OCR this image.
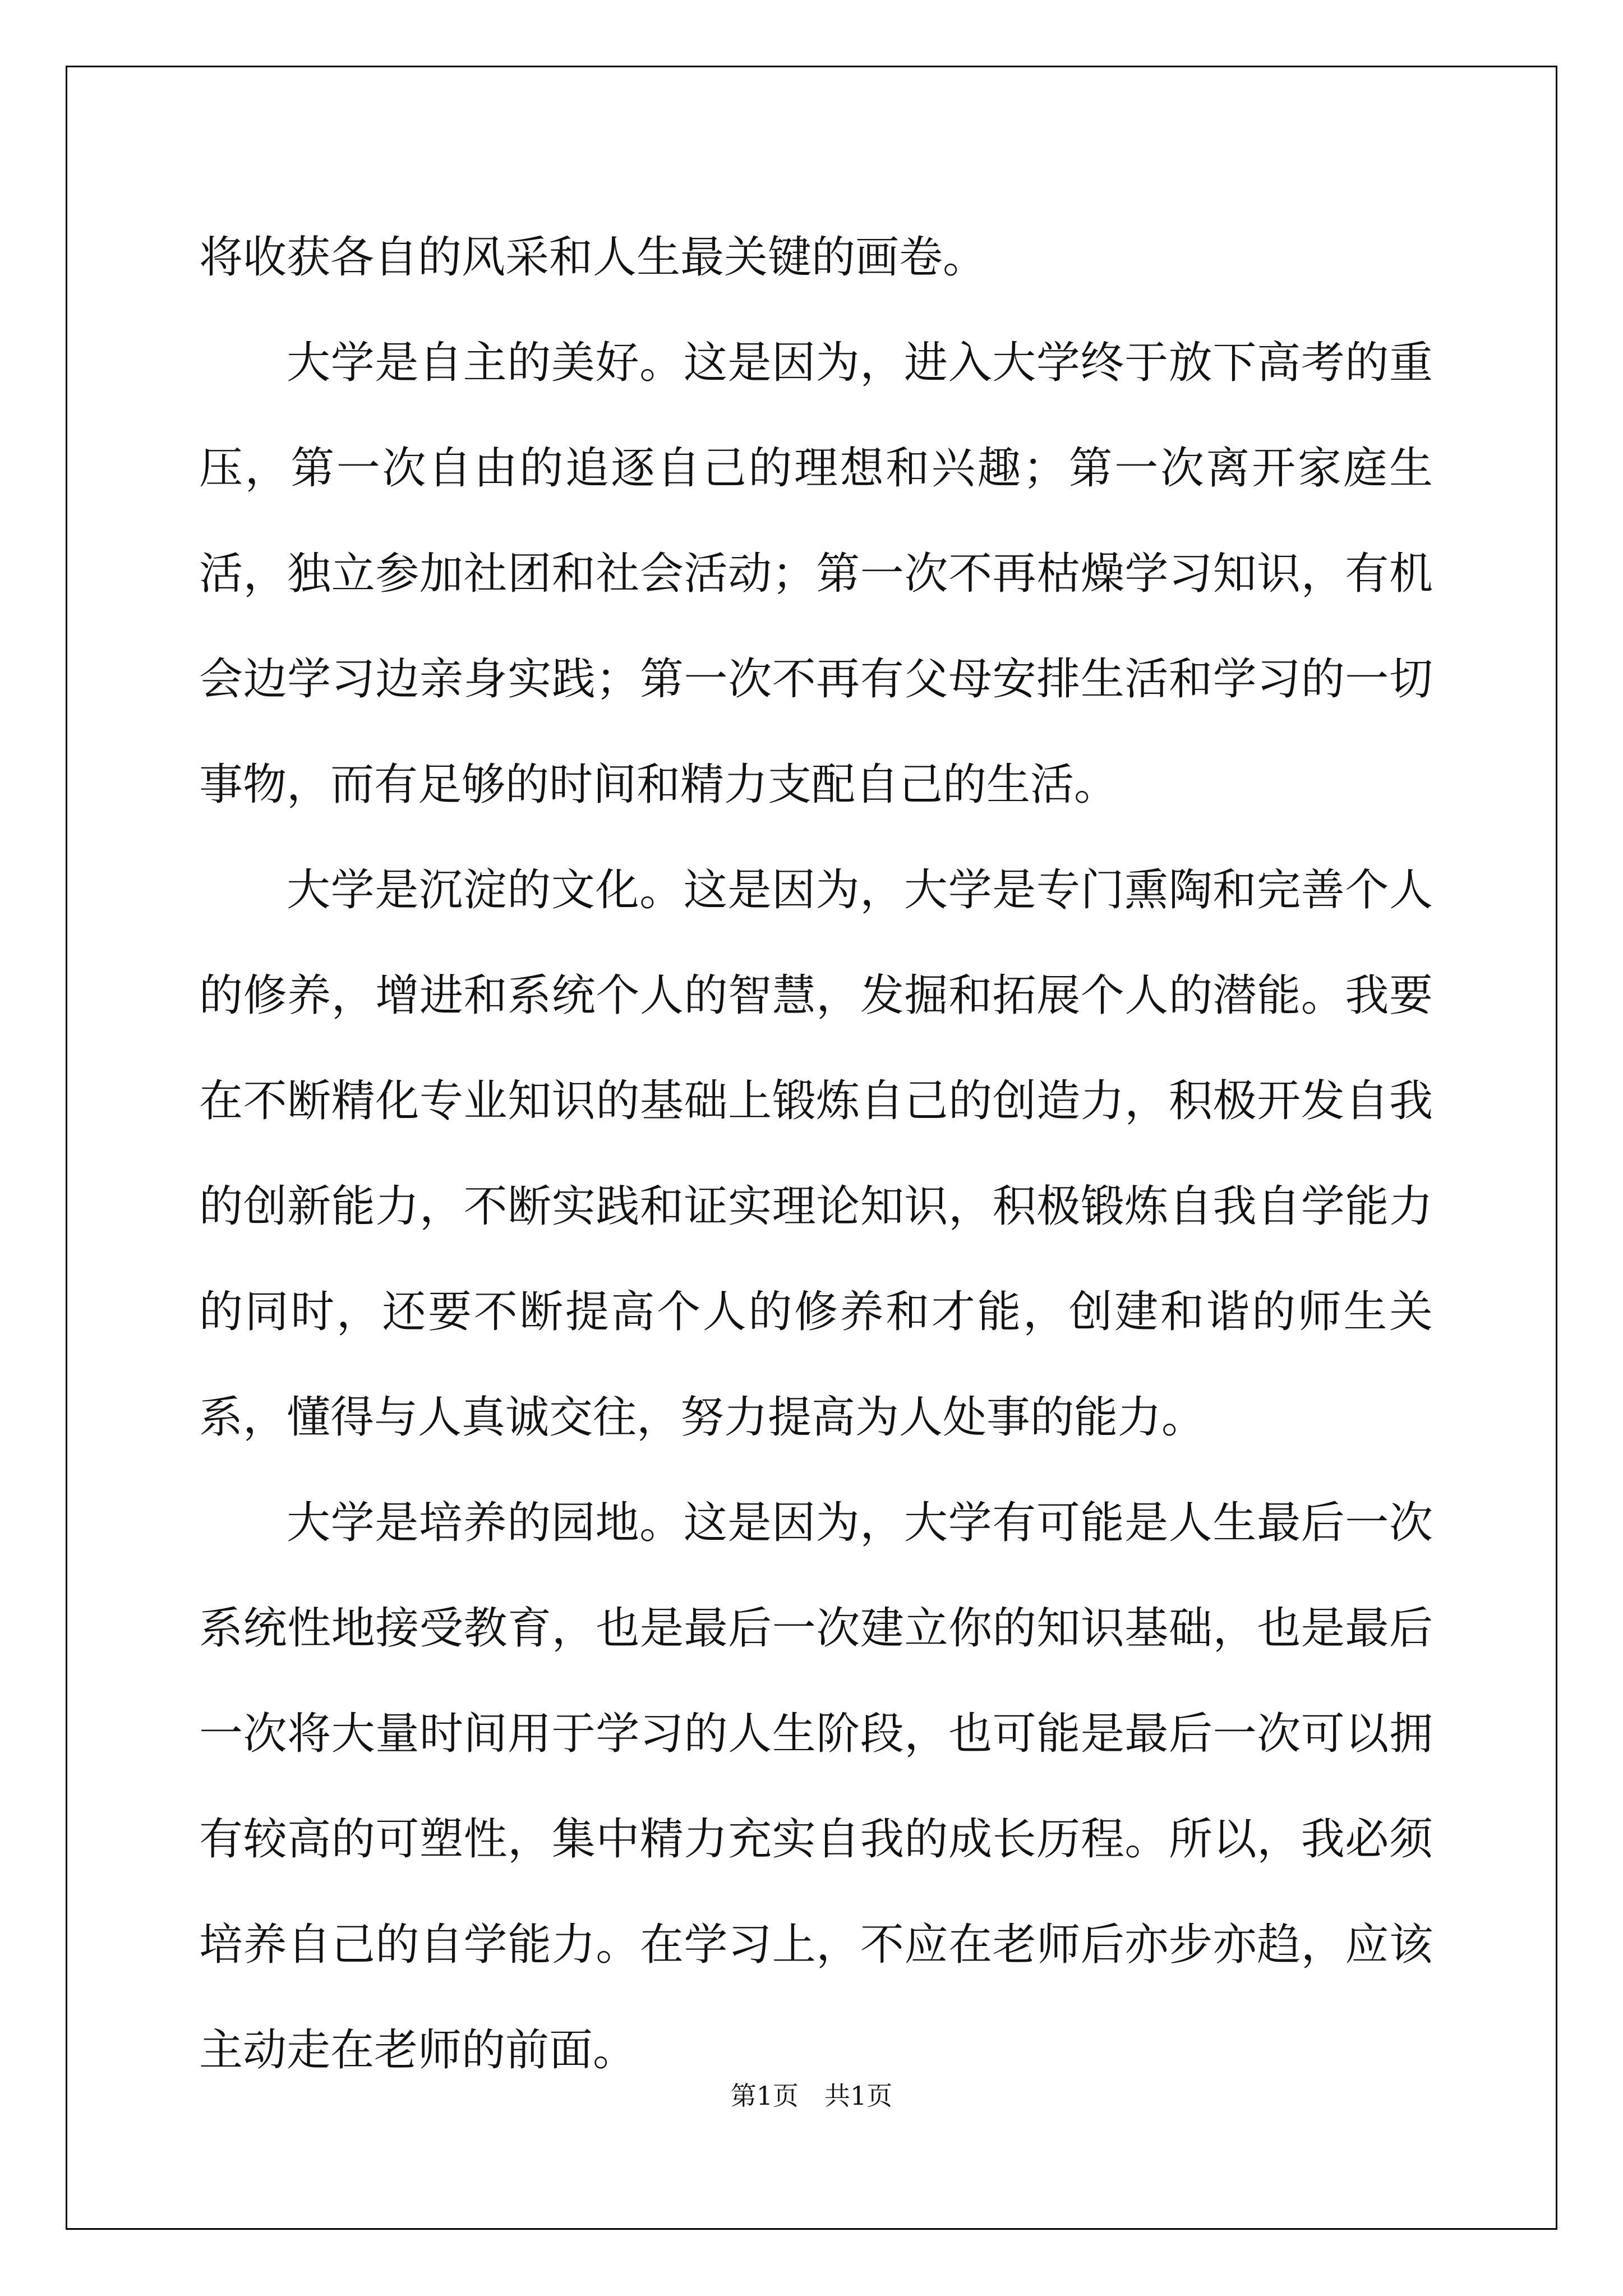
将收获各自的风采和人生最关键的画卷。

大学是自主的美好。这是因为，进入大学终于放下高考的重压，第一次自由的追逐自己的理想和兴趣；第一次离开家庭生活，独立参加社团和社会活动；第一次不再枯燥学习知识，有机会边学习边亲身实践；第一次不再有父母安排生活和学习的一切事物，而有足够的时间和精力支配自己的生活。

大学是沉淀的文化。这是因为，大学是专门熏陶和完善个人的修养，增进和系统个人的智慧，发掘和拓展个人的潜能。我要在不断精化专业知识的基础上锻炼自己的创造力，积极开发自我的创新能力，不断实践和证实理论知识，积极锻炼自我自学能力的同时，还要不断提高个人的修养和才能，创建和谐的师生关系，懂得与人真诚交往，努力提高为人处事的能力。

大学是培养的园地。这是因为，大学有可能是人生最后一次系统性地接受教育，也是最后一次建立你的知识基础，也是最后一次将大量时间用于学习的人生阶段，也可能是最后一次可以拥有较高的可塑性，集中精力充实自我的成长历程。所以，我必须培养自己的自学能力。在学习上，不应在老师后亦步亦趋，应该主动走在老师的前面。

第1页 共1页
